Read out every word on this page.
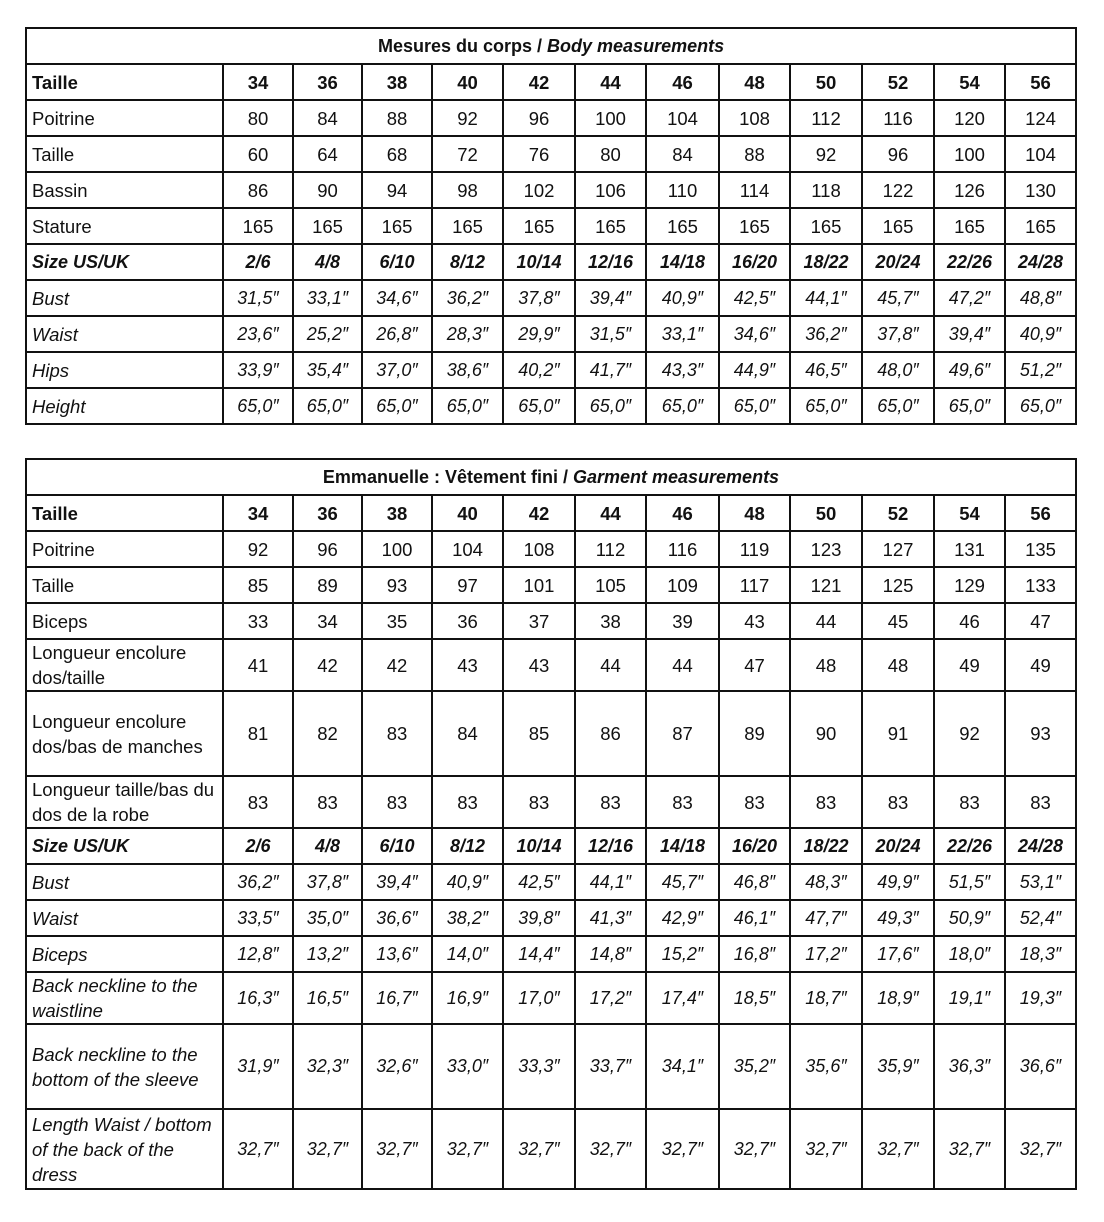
Mesures du corps / Body measurements												
Taille	34	36	38	40	42	44	46	48	50	52	54	56
Poitrine	80	84	88	92	96	100	104	108	112	116	120	124
Taille	60	64	68	72	76	80	84	88	92	96	100	104
Bassin	86	90	94	98	102	106	110	114	118	122	126	130
Stature	165	165	165	165	165	165	165	165	165	165	165	165
Size US/UK	2/6	4/8	6/10	8/12	10/14	12/16	14/18	16/20	18/22	20/24	22/26	24/28
Bust	31,5″	33,1″	34,6″	36,2″	37,8″	39,4″	40,9″	42,5″	44,1″	45,7″	47,2″	48,8″
Waist	23,6″	25,2″	26,8″	28,3″	29,9″	31,5″	33,1″	34,6″	36,2″	37,8″	39,4″	40,9″
Hips	33,9″	35,4″	37,0″	38,6″	40,2″	41,7″	43,3″	44,9″	46,5″	48,0″	49,6″	51,2″
Height	65,0″	65,0″	65,0″	65,0″	65,0″	65,0″	65,0″	65,0″	65,0″	65,0″	65,0″	65,0″
Emmanuelle : Vêtement fini / Garment measurements												
Taille	34	36	38	40	42	44	46	48	50	52	54	56
Poitrine	92	96	100	104	108	112	116	119	123	127	131	135
Taille	85	89	93	97	101	105	109	117	121	125	129	133
Biceps	33	34	35	36	37	38	39	43	44	45	46	47
Longueur encolure dos/taille	41	42	42	43	43	44	44	47	48	48	49	49
Longueur encolure dos/bas de manches	81	82	83	84	85	86	87	89	90	91	92	93
Longueur taille/bas du dos de la robe	83	83	83	83	83	83	83	83	83	83	83	83
Size US/UK	2/6	4/8	6/10	8/12	10/14	12/16	14/18	16/20	18/22	20/24	22/26	24/28
Bust	36,2″	37,8″	39,4″	40,9″	42,5″	44,1″	45,7″	46,8″	48,3″	49,9″	51,5″	53,1″
Waist	33,5″	35,0″	36,6″	38,2″	39,8″	41,3″	42,9″	46,1″	47,7″	49,3″	50,9″	52,4″
Biceps	12,8″	13,2″	13,6″	14,0″	14,4″	14,8″	15,2″	16,8″	17,2″	17,6″	18,0″	18,3″
Back neckline to the waistline	16,3″	16,5″	16,7″	16,9″	17,0″	17,2″	17,4″	18,5″	18,7″	18,9″	19,1″	19,3″
Back neckline to the bottom of the sleeve	31,9″	32,3″	32,6″	33,0″	33,3″	33,7″	34,1″	35,2″	35,6″	35,9″	36,3″	36,6″
Length Waist / bottom of the back of the dress	32,7″	32,7″	32,7″	32,7″	32,7″	32,7″	32,7″	32,7″	32,7″	32,7″	32,7″	32,7″
